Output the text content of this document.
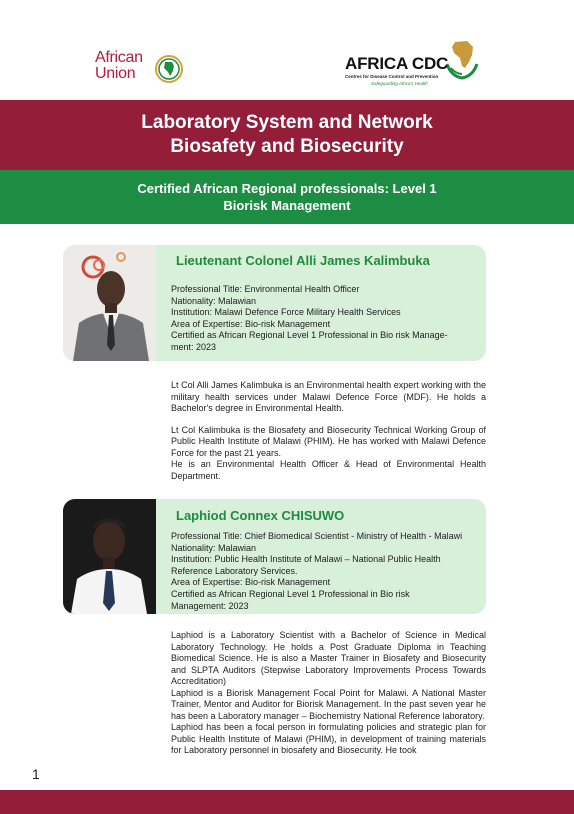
African
Union
AFRICA CDC
Centres for Disease Control and Prevention
Safeguarding Africa's Health
Laboratory System and Network
Biosafety and Biosecurity
Certified African Regional professionals: Level 1
Biorisk Management
Lieutenant Colonel Alli James Kalimbuka
Professional Title: Environmental Health Officer
Nationality: Malawian
Institution: Malawi Defence Force Military Health Services
Area of Expertise: Bio-risk Management
Certified as African Regional Level 1 Professional in Bio risk Manage-
ment: 2023

Lt Col Alli James Kalimbuka is an Environmental health expert working with the military health services under Malawi Defence Force (MDF). He holds a Bachelor's degree in Environmental Health.

Lt Col Kalimbuka is the Biosafety and Biosecurity Technical Working Group of Public Health Institute of Malawi (PHIM). He has worked with Malawi Defence Force for the past 21 years.

He is an Environmental Health Officer & Head of Environmental Health Department.

Laphiod Connex CHISUWO
Professional Title: Chief Biomedical Scientist - Ministry of Health - Malawi
Nationality: Malawian
Institution: Public Health Institute of Malawi – National Public Health
Reference Laboratory Services.
Area of Expertise: Bio-risk Management
Certified as African Regional Level 1 Professional in Bio risk
Management: 2023

Laphiod is a Laboratory Scientist with a Bachelor of Science in Medical Laboratory Technology. He holds a Post Graduate Diploma in Teaching Biomedical Science. He is also a Master Trainer in Biosafety and Biosecurity and SLPTA Auditors (Stepwise Laboratory Improvements Process Towards Accreditation)

Laphiod is a Biorisk Management Focal Point for Malawi. A National Master Trainer, Mentor and Auditor for Biorisk Management. In the past seven year he has been a Laboratory manager – Biochemistry National Reference laboratory.

Laphiod has been a focal person in formulating policies and strategic plan for Public Health Institute of Malawi (PHIM), in development of training materials for Laboratory personnel in biosafety and Biosecurity. He took

1
